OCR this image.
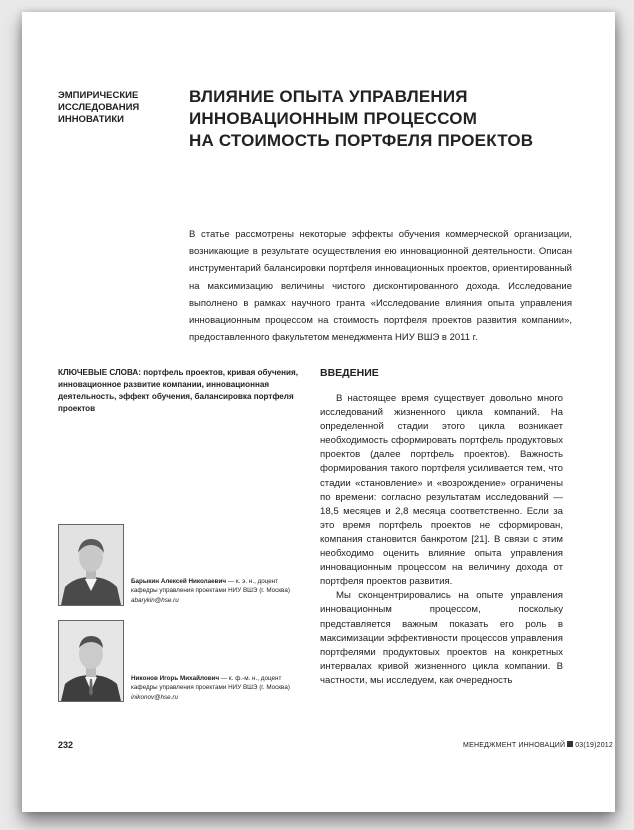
ЭМПИРИЧЕСКИЕ
ИССЛЕДОВАНИЯ
ИННОВАТИКИ
ВЛИЯНИЕ ОПЫТА УПРАВЛЕНИЯ
ИННОВАЦИОННЫМ ПРОЦЕССОМ
НА СТОИМОСТЬ ПОРТФЕЛЯ ПРОЕКТОВ
В статье рассмотрены некоторые эффекты обучения коммерческой организации, возникающие в результате осуществления ею инновационной деятельности. Описан инструментарий балансировки портфеля инновационных проектов, ориентированный на максимизацию величины чистого дисконтированного дохода. Исследование выполнено в рамках научного гранта «Исследование влияния опыта управления инновационным процессом на стоимость портфеля проектов развития компании», предоставленного факультетом менеджмента НИУ ВШЭ в 2011 г.
КЛЮЧЕВЫЕ СЛОВА: портфель проектов, кривая обучения, инновационное развитие компании, инновационная деятельность, эффект обучения, балансировка портфеля проектов
ВВЕДЕНИЕ

В настоящее время существует довольно много исследований жизненного цикла компаний. На определенной стадии этого цикла возникает необходимость сформировать портфель продуктовых проектов (далее портфель проектов). Важность формирования такого портфеля усиливается тем, что стадии «становление» и «возрождение» ограничены по времени: согласно результатам исследований — 18,5 месяцев и 2,8 месяца соответственно. Если за это время портфель проектов не сформирован, компания становится банкротом [21]. В связи с этим необходимо оценить влияние опыта управления инновационным процессом на величину дохода от портфеля проектов развития.

Мы сконцентрировались на опыте управления инновационным процессом, поскольку представляется важным показать его роль в максимизации эффективности процессов управления портфелями продуктовых проектов на конкретных интервалах кривой жизненного цикла компании. В частности, мы исследуем, как очередность

Барыкин Алексей Николаевич — к. э. н., доцент кафедры управления проектами НИУ ВШЭ (г. Москва)
abarykin@hse.ru
Никонов Игорь Михайлович — к. ф.-м. н., доцент кафедры управления проектами НИУ ВШЭ (г. Москва)
inikonov@hse.ru
232	МЕНЕДЖМЕНТ ИННОВАЦИЙ 03(19)2012
